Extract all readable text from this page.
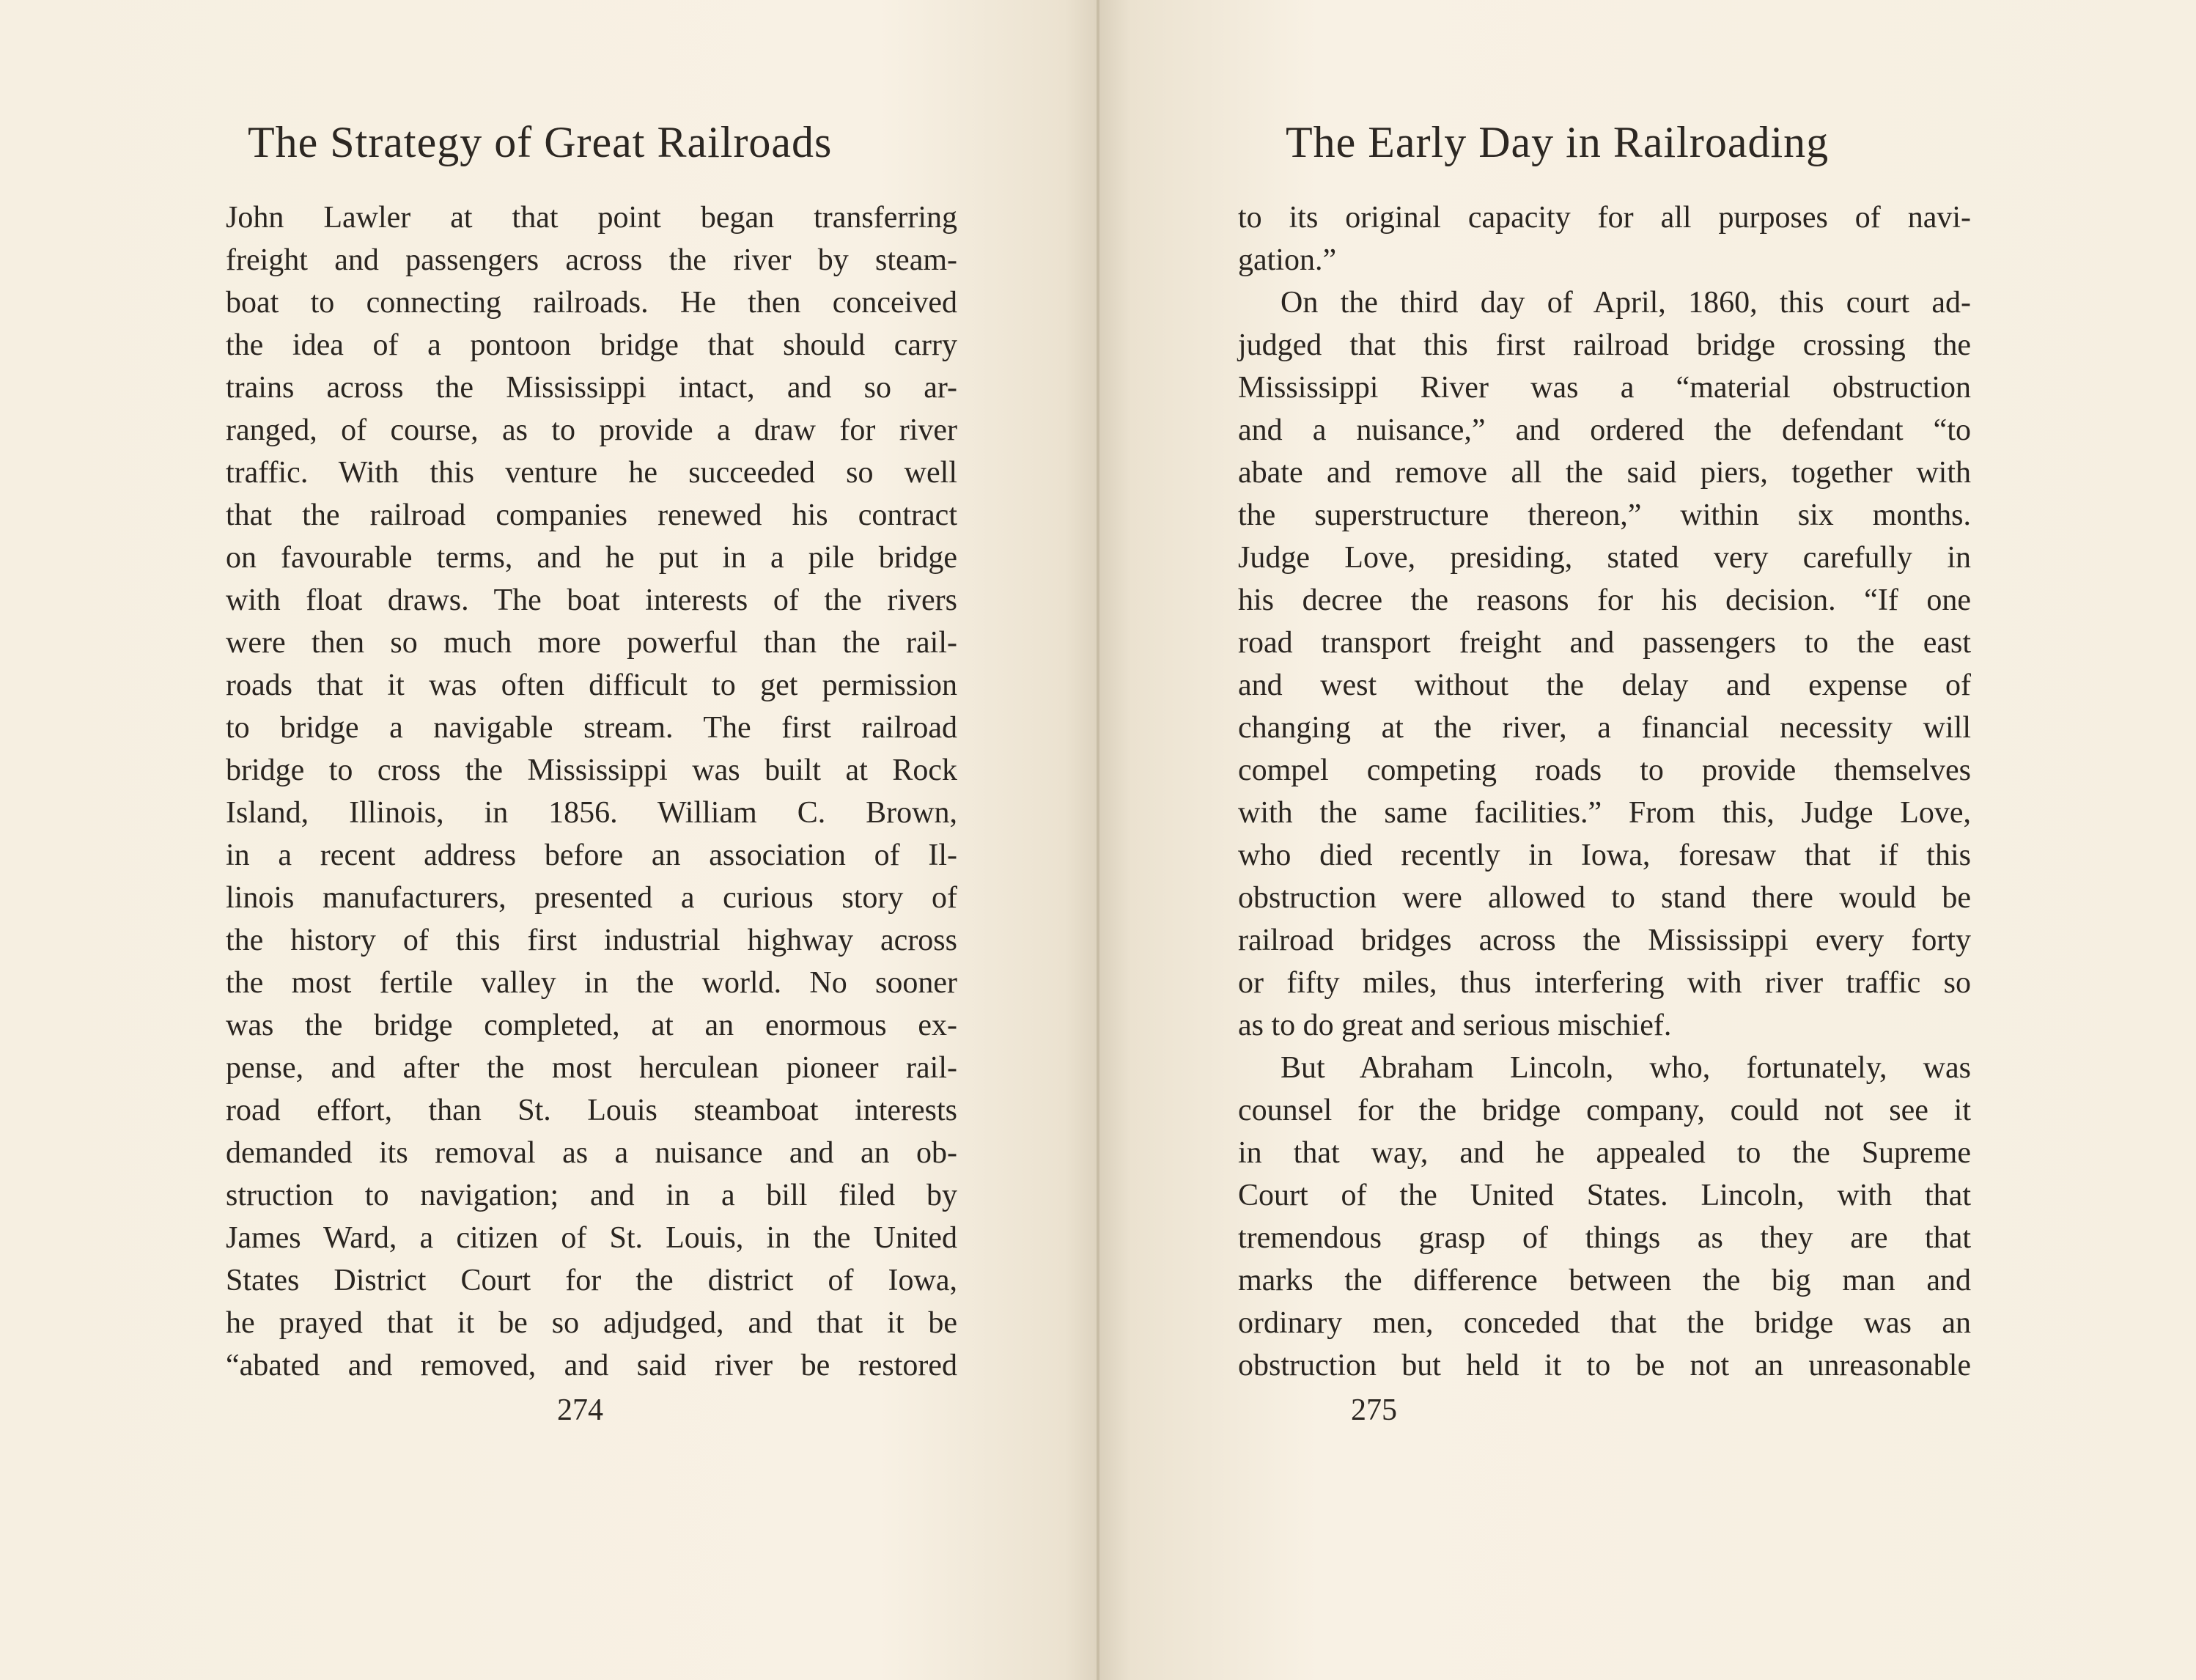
The Strategy of Great Railroads
John Lawler at that point began transferring
freight and passengers across the river by steam-
boat to connecting railroads. He then conceived
the idea of a pontoon bridge that should carry
trains across the Mississippi intact, and so ar-
ranged, of course, as to provide a draw for river
traffic. With this venture he succeeded so well
that the railroad companies renewed his contract
on favourable terms, and he put in a pile bridge
with float draws. The boat interests of the rivers
were then so much more powerful than the rail-
roads that it was often difficult to get permission
to bridge a navigable stream. The first railroad
bridge to cross the Mississippi was built at Rock
Island, Illinois, in 1856. William C. Brown,
in a recent address before an association of Il-
linois manufacturers, presented a curious story of
the history of this first industrial highway across
the most fertile valley in the world. No sooner
was the bridge completed, at an enormous ex-
pense, and after the most herculean pioneer rail-
road effort, than St. Louis steamboat interests
demanded its removal as a nuisance and an ob-
struction to navigation; and in a bill filed by
James Ward, a citizen of St. Louis, in the United
States District Court for the district of Iowa,
he prayed that it be so adjudged, and that it be
“abated and removed, and said river be restored
274
The Early Day in Railroading
to its original capacity for all purposes of navi-
gation.”
On the third day of April, 1860, this court ad-
judged that this first railroad bridge crossing the
Mississippi River was a “material obstruction
and a nuisance,” and ordered the defendant “to
abate and remove all the said piers, together with
the superstructure thereon,” within six months.
Judge Love, presiding, stated very carefully in
his decree the reasons for his decision. “If one
road transport freight and passengers to the east
and west without the delay and expense of
changing at the river, a financial necessity will
compel competing roads to provide themselves
with the same facilities.” From this, Judge Love,
who died recently in Iowa, foresaw that if this
obstruction were allowed to stand there would be
railroad bridges across the Mississippi every forty
or fifty miles, thus interfering with river traffic so
as to do great and serious mischief.
But Abraham Lincoln, who, fortunately, was
counsel for the bridge company, could not see it
in that way, and he appealed to the Supreme
Court of the United States. Lincoln, with that
tremendous grasp of things as they are that
marks the difference between the big man and
ordinary men, conceded that the bridge was an
obstruction but held it to be not an unreasonable
275
